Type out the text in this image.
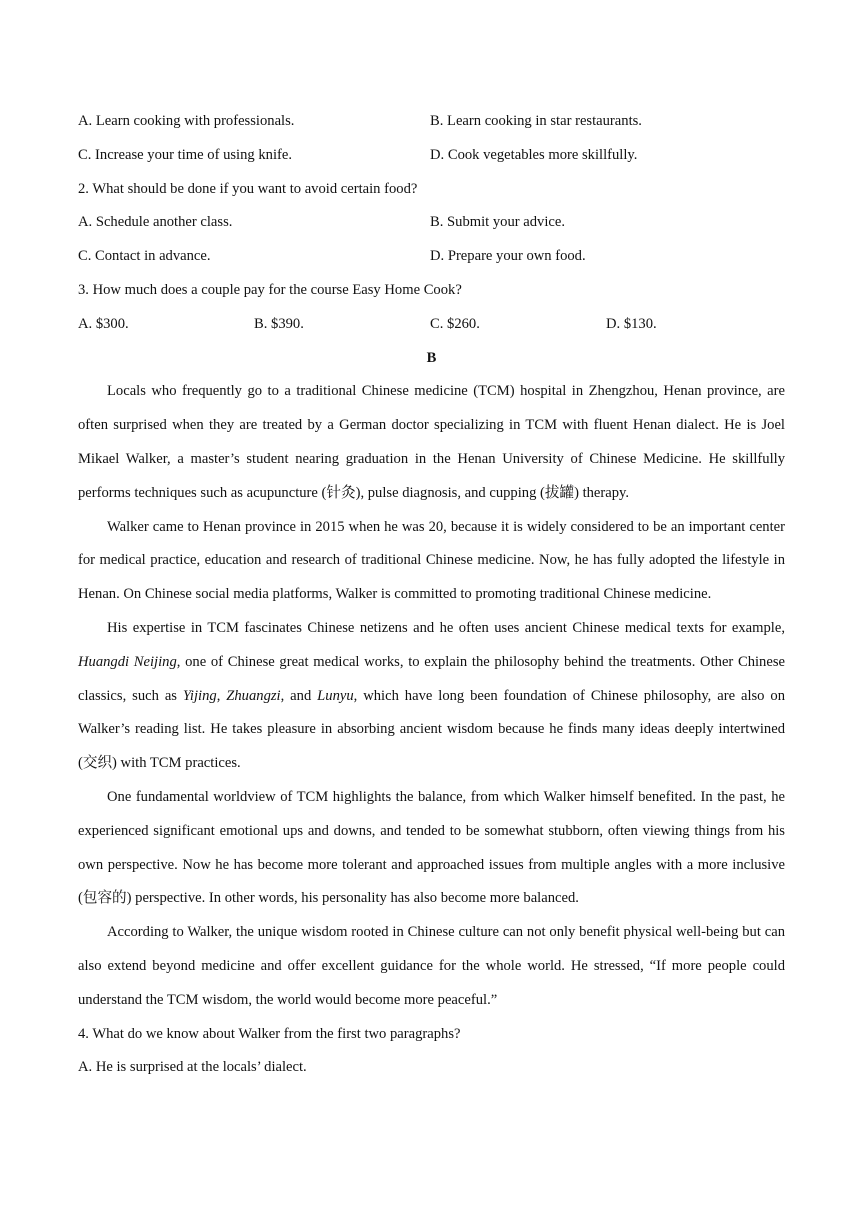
A. Learn cooking with professionals.	B. Learn cooking in star restaurants.
C. Increase your time of using knife.	D. Cook vegetables more skillfully.
2. What should be done if you want to avoid certain food?
A. Schedule another class.	B. Submit your advice.
C. Contact in advance.	D. Prepare your own food.
3. How much does a couple pay for the course Easy Home Cook?
A. $300.	B. $390.	C. $260.	D. $130.
B

Locals who frequently go to a traditional Chinese medicine (TCM) hospital in Zhengzhou, Henan province, are often surprised when they are treated by a German doctor specializing in TCM with fluent Henan dialect. He is Joel Mikael Walker, a master’s student nearing graduation in the Henan University of Chinese Medicine. He skillfully performs techniques such as acupuncture (针灸), pulse diagnosis, and cupping (拔罐) therapy.

Walker came to Henan province in 2015 when he was 20, because it is widely considered to be an important center for medical practice, education and research of traditional Chinese medicine. Now, he has fully adopted the lifestyle in Henan. On Chinese social media platforms, Walker is committed to promoting traditional Chinese medicine.

His expertise in TCM fascinates Chinese netizens and he often uses ancient Chinese medical texts for example, Huangdi Neijing, one of Chinese great medical works, to explain the philosophy behind the treatments. Other Chinese classics, such as Yijing, Zhuangzi, and Lunyu, which have long been foundation of Chinese philosophy, are also on Walker’s reading list. He takes pleasure in absorbing ancient wisdom because he finds many ideas deeply intertwined (交织) with TCM practices.

One fundamental worldview of TCM highlights the balance, from which Walker himself benefited. In the past, he experienced significant emotional ups and downs, and tended to be somewhat stubborn, often viewing things from his own perspective. Now he has become more tolerant and approached issues from multiple angles with a more inclusive (包容的) perspective. In other words, his personality has also become more balanced.

According to Walker, the unique wisdom rooted in Chinese culture can not only benefit physical well-being but can also extend beyond medicine and offer excellent guidance for the whole world. He stressed, “If more people could understand the TCM wisdom, the world would become more peaceful.”

4. What do we know about Walker from the first two paragraphs?
A. He is surprised at the locals’ dialect.
